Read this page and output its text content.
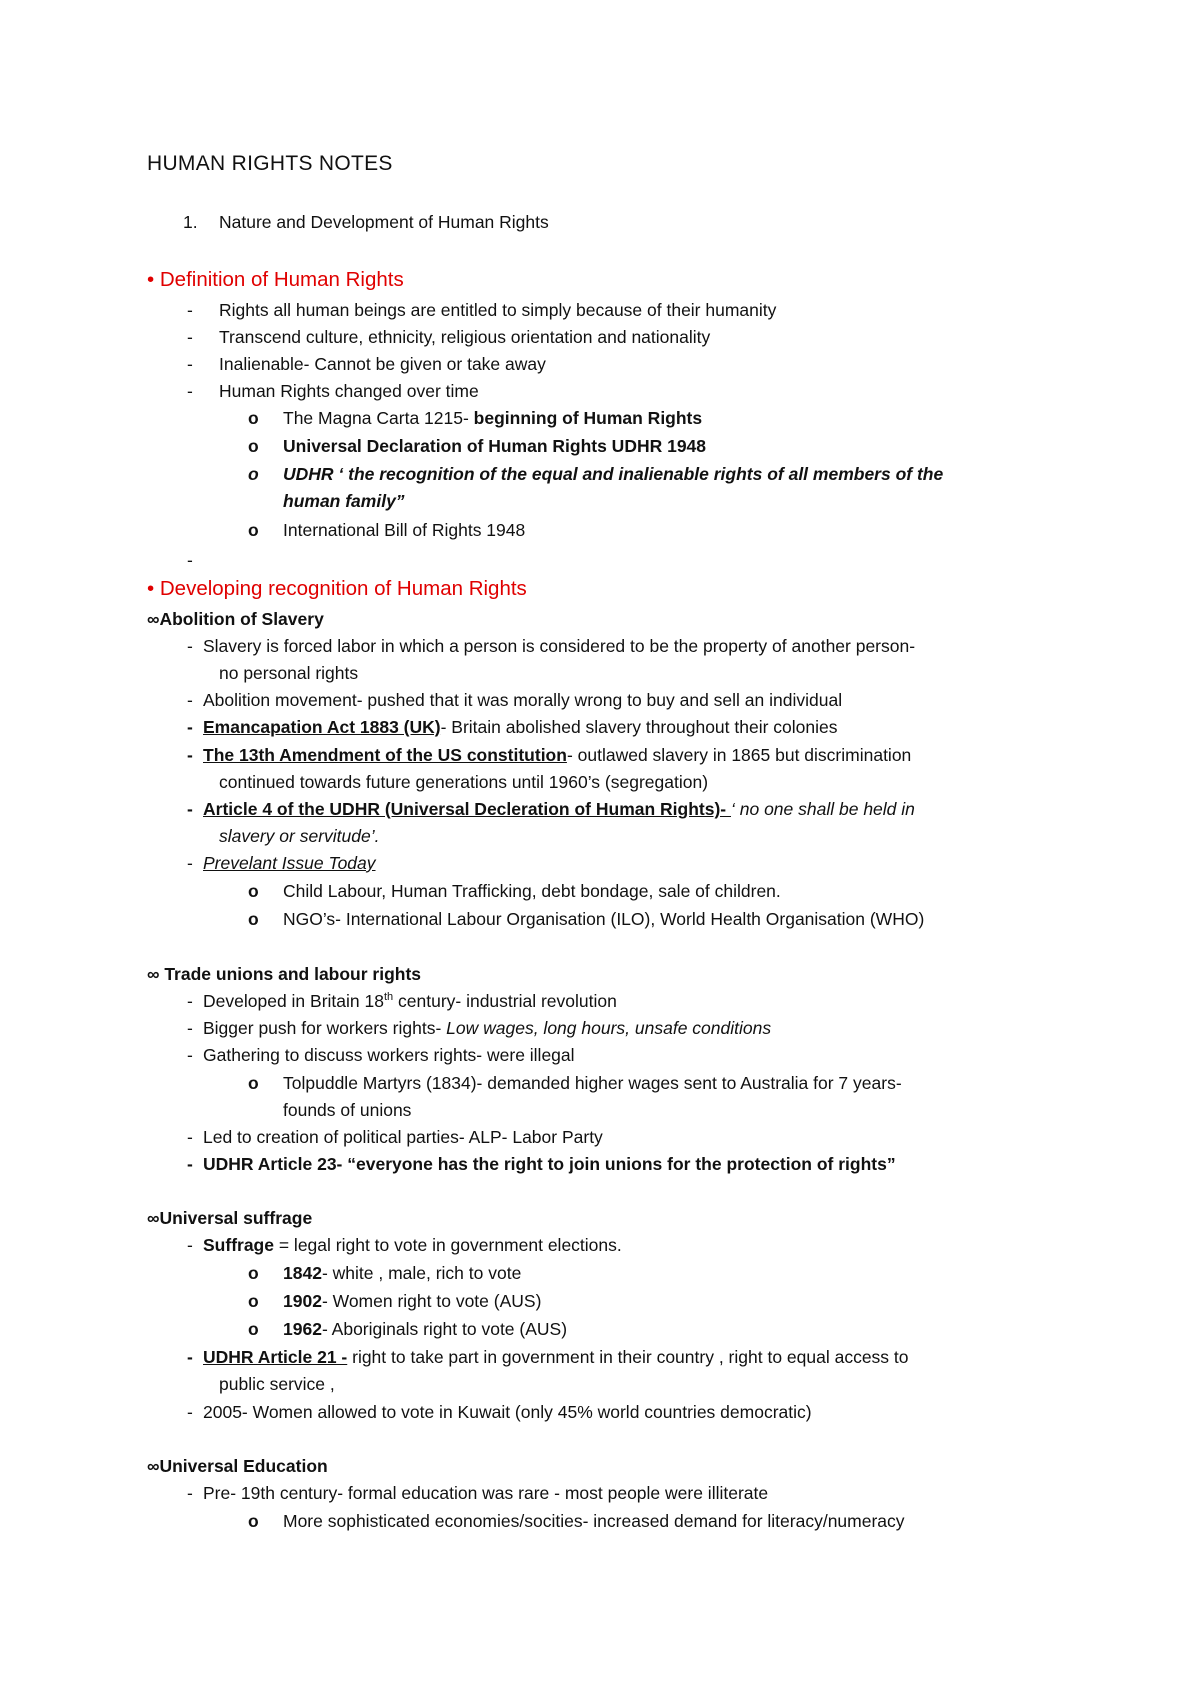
HUMAN RIGHTS NOTES
1. Nature and Development of Human Rights
• Definition of Human Rights
- Rights all human beings are entitled to simply because of their humanity
- Transcend culture, ethnicity, religious orientation and nationality
- Inalienable- Cannot be given or take away
- Human Rights changed over time
o The Magna Carta 1215- beginning of Human Rights
o Universal Declaration of Human Rights UDHR 1948
o UDHR ‘ the recognition of the equal and inalienable rights of all members of the
human family”
o International Bill of Rights 1948
-
• Developing recognition of Human Rights
∞Abolition of Slavery
- Slavery is forced labor in which a person is considered to be the property of another person-
no personal rights
- Abolition movement- pushed that it was morally wrong to buy and sell an individual
- Emancapation Act 1883 (UK)- Britain abolished slavery throughout their colonies
- The 13th Amendment of the US constitution- outlawed slavery in 1865 but discrimination
continued towards future generations until 1960’s (segregation)
- Article 4 of the UDHR (Universal Decleration of Human Rights)- ‘ no one shall be held in
slavery or servitude’.
- Prevelant Issue Today
o Child Labour, Human Trafficking, debt bondage, sale of children.
o NGO’s- International Labour Organisation (ILO), World Health Organisation (WHO)
∞ Trade unions and labour rights
- Developed in Britain 18th century- industrial revolution
- Bigger push for workers rights- Low wages, long hours, unsafe conditions
- Gathering to discuss workers rights- were illegal
o Tolpuddle Martyrs (1834)- demanded higher wages sent to Australia for 7 years-
founds of unions
- Led to creation of political parties- ALP- Labor Party
- UDHR Article 23- “everyone has the right to join unions for the protection of rights”
∞Universal suffrage
- Suffrage = legal right to vote in government elections.
o 1842- white , male, rich to vote
o 1902- Women right to vote (AUS)
o 1962- Aboriginals right to vote (AUS)
- UDHR Article 21 - right to take part in government in their country , right to equal access to
public service ,
- 2005- Women allowed to vote in Kuwait (only 45% world countries democratic)
∞Universal Education
- Pre- 19th century- formal education was rare - most people were illiterate
o More sophisticated economies/socities- increased demand for literacy/numeracy
